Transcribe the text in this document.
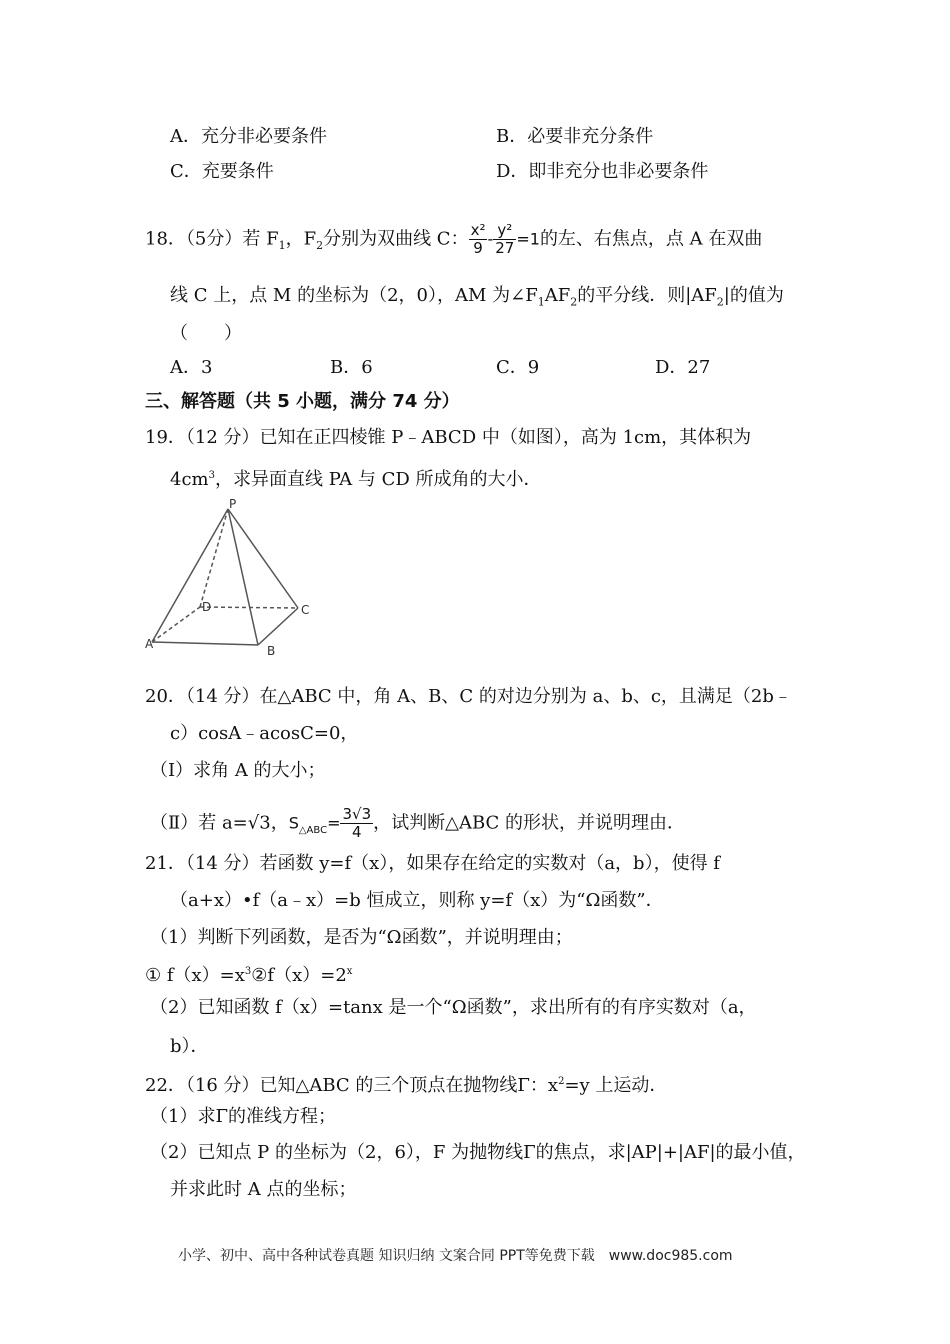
A．充分非必要条件	B．必要非充分条件
C．充要条件	D．即非充分也非必要条件
18．（5分）若 $F_1$，$F_2$分别为双曲线 C： $\frac{\text{x²}}{9} - \frac{\text{y²}}{27} =1$的左、右焦点，点 A 在双曲
线 C 上，点 M 的坐标为（2，0），AM 为$\angle F_1AF_2$的平分线．则$|AF_2|$的值为
（　　）
A．3	B．6	C．9	D．27
三、解答题（共 5 小题，满分 74 分）
19．（12 分）已知在正四棱锥 P﹣ABCD 中（如图），高为 1cm，其体积为
$4cm^3$，求异面直线 PA 与 CD 所成角的大小．
P
A	B
C
D
20．（14 分）在△ABC 中，角 A、B、C 的对边分别为 a、b、c，且满足（2b﹣
c）cosA﹣acosC=0，
（Ⅰ）求角 A 的大小；
（Ⅱ）若 a=√3，$S_{\triangle ABC}= \frac{3√3}{4}$ ，试判断△ABC 的形状，并说明理由．
21．（14 分）若函数 y=f（x），如果存在给定的实数对（a，b），使得 f
（a+x）•f（a﹣x）=b 恒成立，则称 y=f（x）为“Ω函数”．
（1）判断下列函数，是否为“Ω函数”，并说明理由；
① $f(x)=x^3②f(x)=2^x$
（2）已知函数 f（x）=tanx 是一个“Ω函数”，求出所有的有序实数对（a，
b）．
22．（16 分）已知△ABC 的三个顶点在抛物线Γ：$x^2=y$ 上运动．
（1）求Γ的准线方程；
（2）已知点 P 的坐标为（2，6），F 为抛物线Γ的焦点，求|AP|+|AF|的最小值，
并求此时 A 点的坐标；
小学、初中、高中各种试卷真题 知识归纳 文案合同 PPT等免费下载　www.doc985.com
